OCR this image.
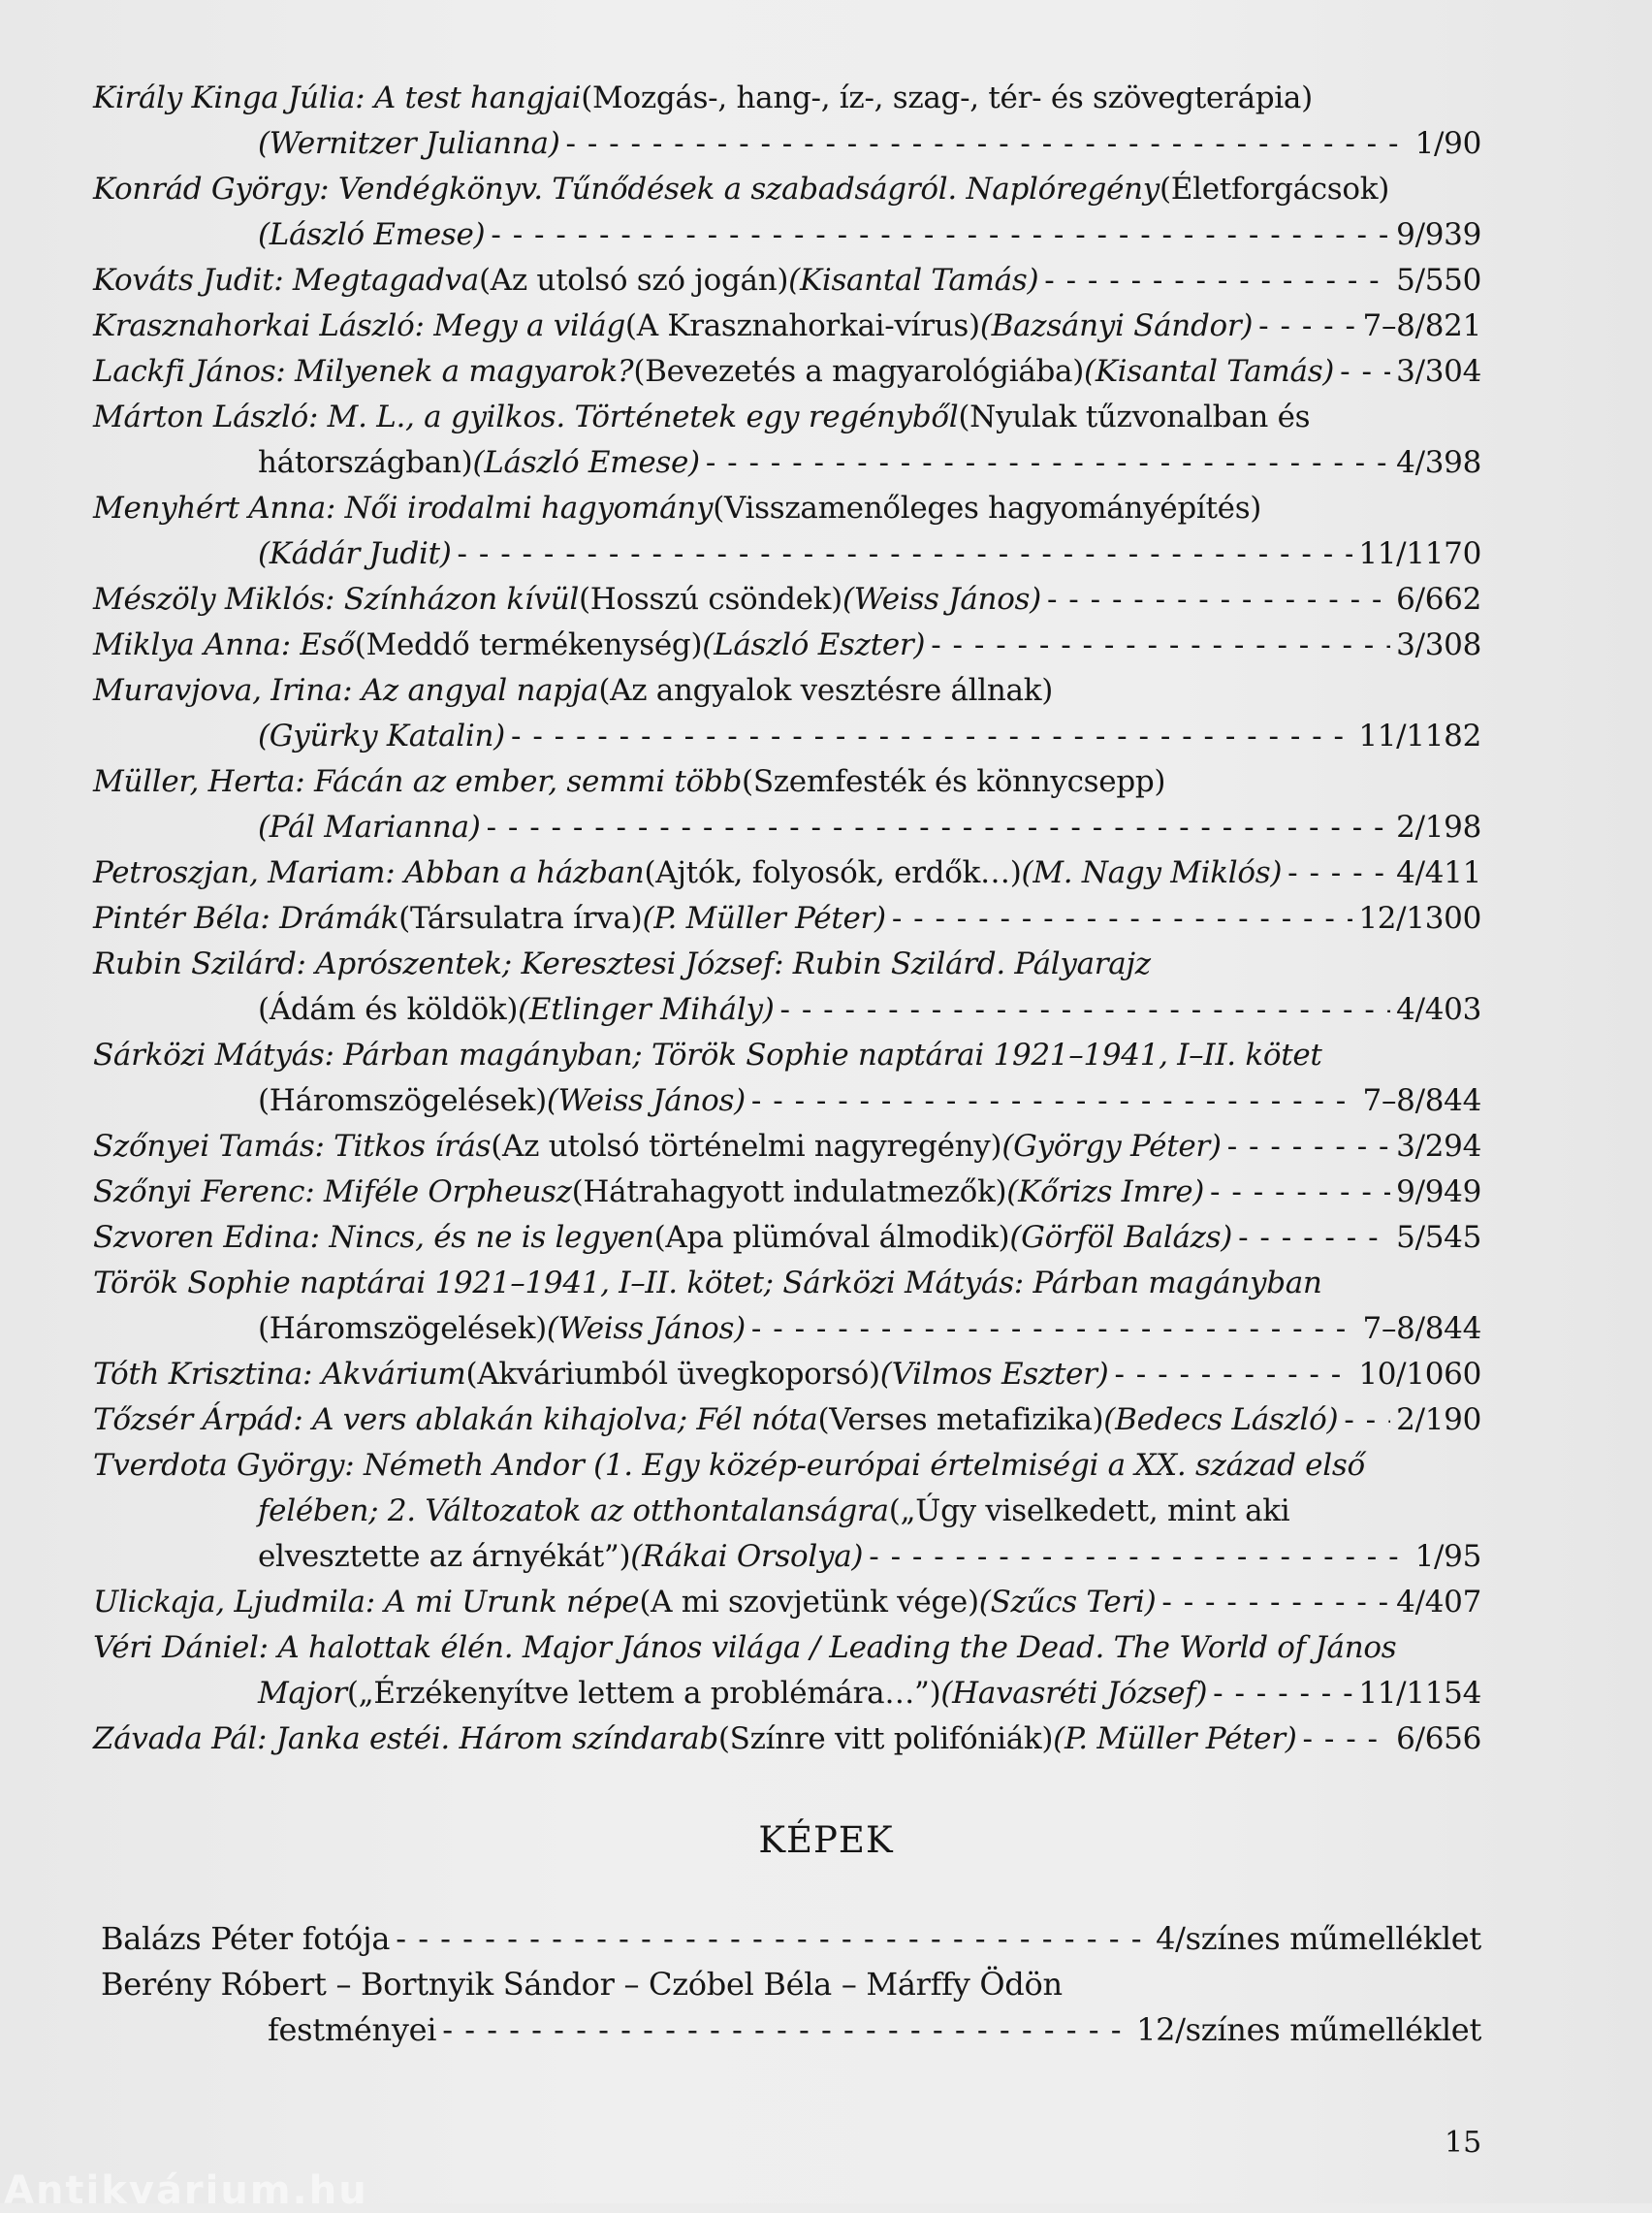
Király Kinga Júlia: A test hangjai (Mozgás-, hang-, íz-, szag-, tér- és szövegterápia)
(Wernitzer Julianna) - - -	1/90
Konrád György: Vendégkönyv. Tűnődések a szabadságról. Naplóregény (Életforgácsok)
(László Emese) - - -	9/939
Kováts Judit: Megtagadva (Az utolsó szó jogán) (Kisantal Tamás) - - -	5/550
Krasznahorkai László: Megy a világ (A Krasznahorkai-vírus) (Bazsányi Sándor) - - -	7–8/821
Lackfi János: Milyenek a magyarok? (Bevezetés a magyarológiába) (Kisantal Tamás) - - - 3/304
Márton László: M. L., a gyilkos. Történetek egy regényből (Nyulak tűzvonalban és
hátországban) (László Emese) - - -	4/398
Menyhért Anna: Női irodalmi hagyomány (Visszamenőleges hagyományépítés)
(Kádár Judit) - - -	11/1170
Mészöly Miklós: Színházon kívül (Hosszú csöndek) (Weiss János) - - -	6/662
Miklya Anna: Eső (Meddő termékenység) (László Eszter) - - -	3/308
Muravjova, Irina: Az angyal napja (Az angyalok vesztésre állnak)
(Gyürky Katalin) - - -	11/1182
Müller, Herta: Fácán az ember, semmi több (Szemfesték és könnycsepp)
(Pál Marianna) - - -	2/198
Petroszjan, Mariam: Abban a házban (Ajtók, folyosók, erdők…) (M. Nagy Miklós) - - -	4/411
Pintér Béla: Drámák (Társulatra írva) (P. Müller Péter) - - -	12/1300
Rubin Szilárd: Aprószentek; Keresztesi József: Rubin Szilárd. Pályarajz
(Ádám és köldök) (Etlinger Mihály) - - -	4/403
Sárközi Mátyás: Párban magányban; Török Sophie naptárai 1921–1941, I–II. kötet
(Háromszögelések) (Weiss János) - - -	7–8/844
Szőnyei Tamás: Titkos írás (Az utolsó történelmi nagyregény) (György Péter) - - -	3/294
Szőnyi Ferenc: Miféle Orpheusz (Hátrahagyott indulatmezők) (Kőrizs Imre) - - -	9/949
Szvoren Edina: Nincs, és ne is legyen (Apa plümóval álmodik) (Görföl Balázs) - - -	5/545
Török Sophie naptárai 1921–1941, I–II. kötet; Sárközi Mátyás: Párban magányban
(Háromszögelések) (Weiss János) - - -	7–8/844
Tóth Krisztina: Akvárium (Akváriumból üvegkoporsó) (Vilmos Eszter) - - -	10/1060
Tőzsér Árpád: A vers ablakán kihajolva; Fél nóta (Verses metafizika) (Bedecs László) - - - 2/190
Tverdota György: Németh Andor (1. Egy közép-európai értelmiségi a XX. század első
felében; 2. Változatok az otthontalanságra („Úgy viselkedett, mint aki
elvesztette az árnyékát”) (Rákai Orsolya) - - -	1/95
Ulickaja, Ljudmila: A mi Urunk népe (A mi szovjetünk vége) (Szűcs Teri) - - -	4/407
Véri Dániel: A halottak élén. Major János világa / Leading the Dead. The World of János
Major („Érzékenyítve lettem a problémára…”) (Havasréti József) - - -	11/1154
Závada Pál: Janka estéi. Három színdarab (Színre vitt polifóniák) (P. Müller Péter) - - -	6/656
KÉPEK
Balázs Péter fotója - - -	4/színes műmelléklet
Berény Róbert – Bortnyik Sándor – Czóbel Béla – Márffy Ödön
festményei - - -	12/színes műmelléklet
15
Antikvárium.hu
